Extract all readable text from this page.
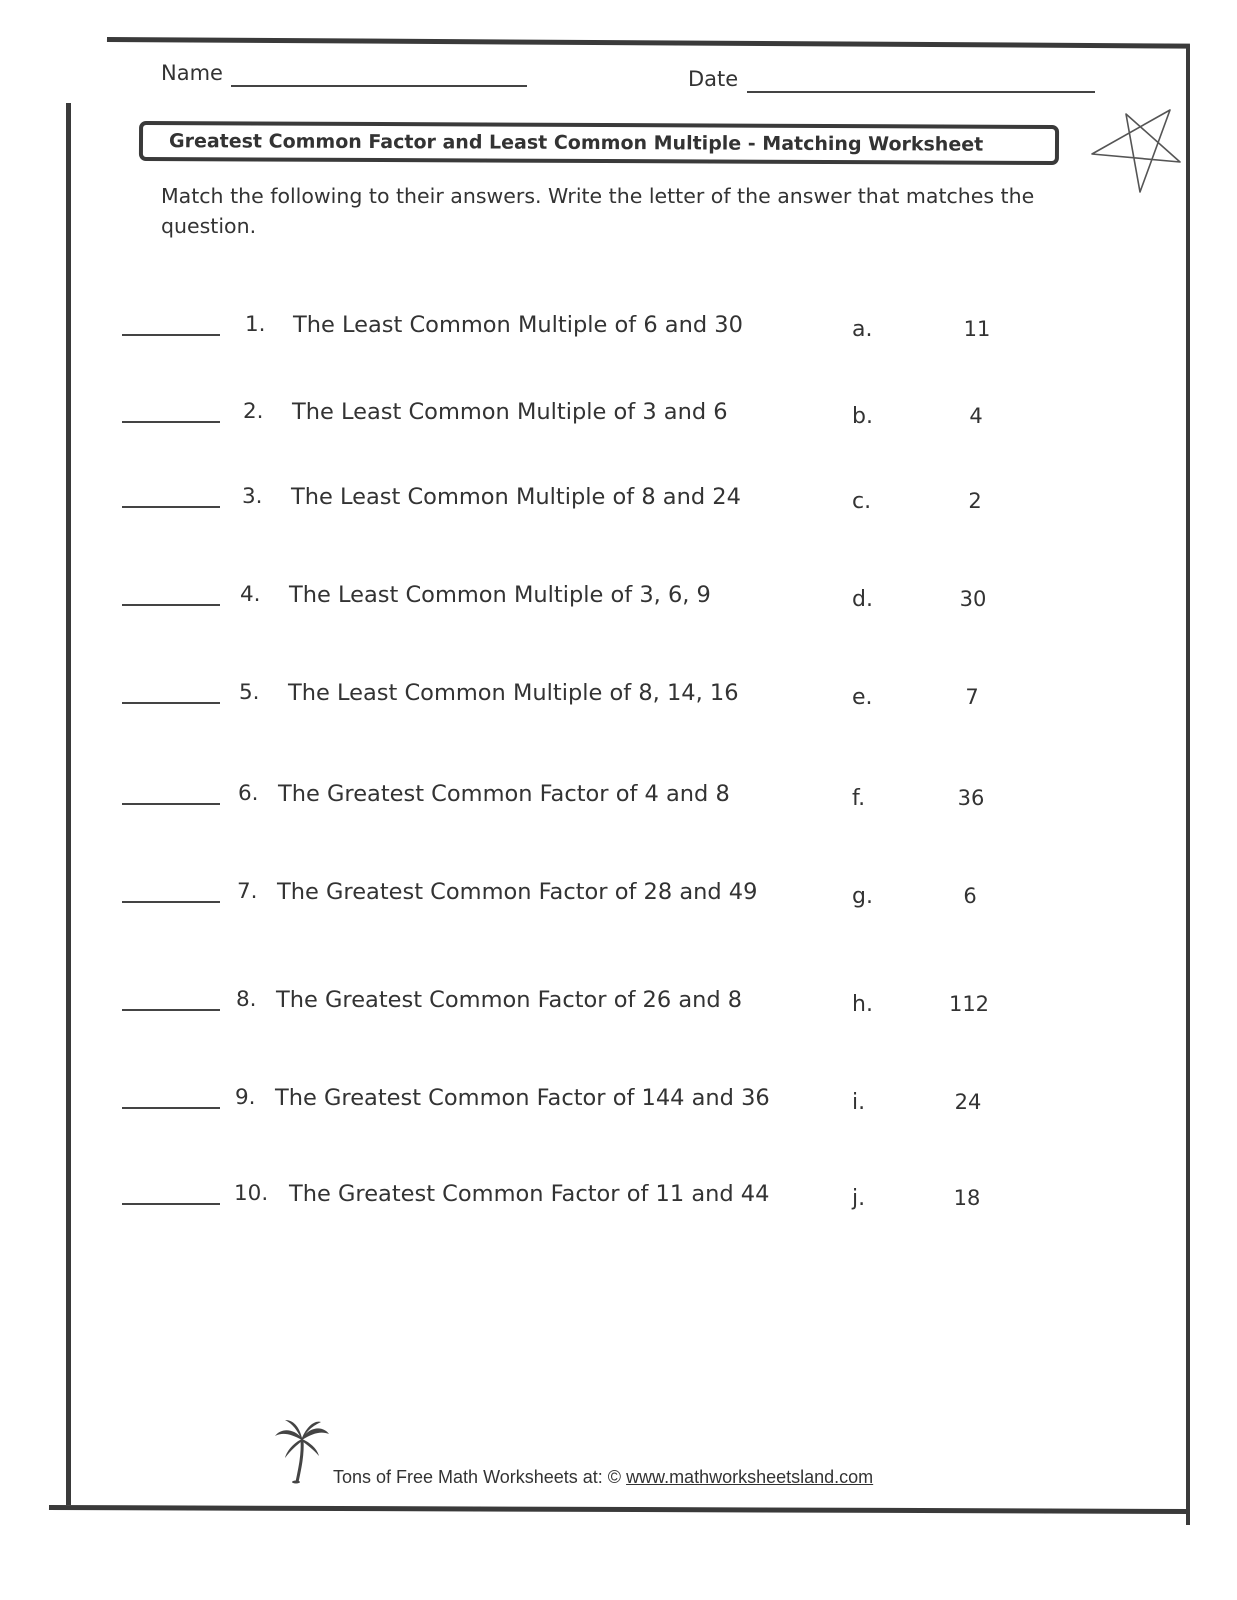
Name	Date
Greatest Common Factor and Least Common Multiple - Matching Worksheet
Match the following to their answers. Write the letter of the answer that matches the question.
1. The Least Common Multiple of 6 and 30	a.	11
2. The Least Common Multiple of 3 and 6	b.	4
3. The Least Common Multiple of 8 and 24	c.	2
4. The Least Common Multiple of 3, 6, 9	d.	30
5. The Least Common Multiple of 8, 14, 16	e.	7
6. The Greatest Common Factor of 4 and 8	f.	36
7. The Greatest Common Factor of 28 and 49	g.	6
8. The Greatest Common Factor of 26 and 8	h.	112
9. The Greatest Common Factor of 144 and 36	i.	24
10. The Greatest Common Factor of 11 and 44	j.	18
Tons of Free Math Worksheets at: © www.mathworksheetsland.com
